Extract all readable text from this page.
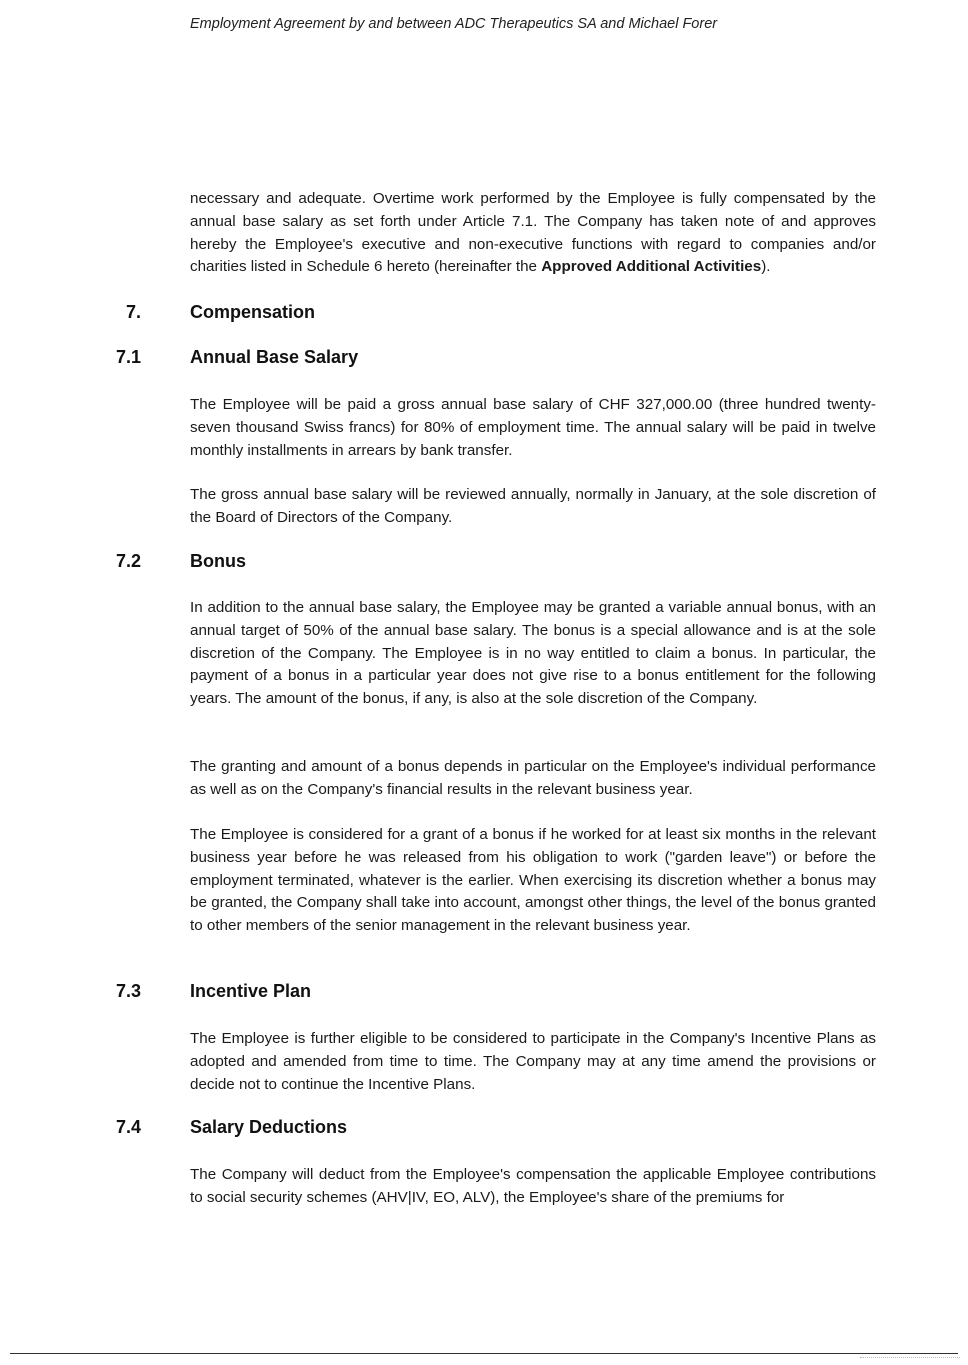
Employment Agreement by and between ADC Therapeutics SA and Michael Forer

necessary and adequate. Overtime work performed by the Employee is fully compensated by the annual base salary as set forth under Article 7.1. The Company has taken note of and approves hereby the Employee's executive and non-executive functions with regard to companies and/or charities listed in Schedule 6 hereto (hereinafter the Approved Additional Activities).

7.	Compensation
7.1	Annual Base Salary

The Employee will be paid a gross annual base salary of CHF 327,000.00 (three hundred twenty-seven thousand Swiss francs) for 80% of employment time. The annual salary will be paid in twelve monthly installments in arrears by bank transfer.

The gross annual base salary will be reviewed annually, normally in January, at the sole discretion of the Board of Directors of the Company.

7.2	Bonus

In addition to the annual base salary, the Employee may be granted a variable annual bonus, with an annual target of 50% of the annual base salary. The bonus is a special allowance and is at the sole discretion of the Company. The Employee is in no way entitled to claim a bonus. In particular, the payment of a bonus in a particular year does not give rise to a bonus entitlement for the following years. The amount of the bonus, if any, is also at the sole discretion of the Company.

The granting and amount of a bonus depends in particular on the Employee's individual performance as well as on the Company's financial results in the relevant business year.

The Employee is considered for a grant of a bonus if he worked for at least six months in the relevant business year before he was released from his obligation to work ("garden leave") or before the employment terminated, whatever is the earlier. When exercising its discretion whether a bonus may be granted, the Company shall take into account, amongst other things, the level of the bonus granted to other members of the senior management in the relevant business year.

7.3	Incentive Plan

The Employee is further eligible to be considered to participate in the Company's Incentive Plans as adopted and amended from time to time. The Company may at any time amend the provisions or decide not to continue the Incentive Plans.

7.4	Salary Deductions

The Company will deduct from the Employee's compensation the applicable Employee contributions to social security schemes (AHV|IV, EO, ALV), the Employee's share of the premiums for
